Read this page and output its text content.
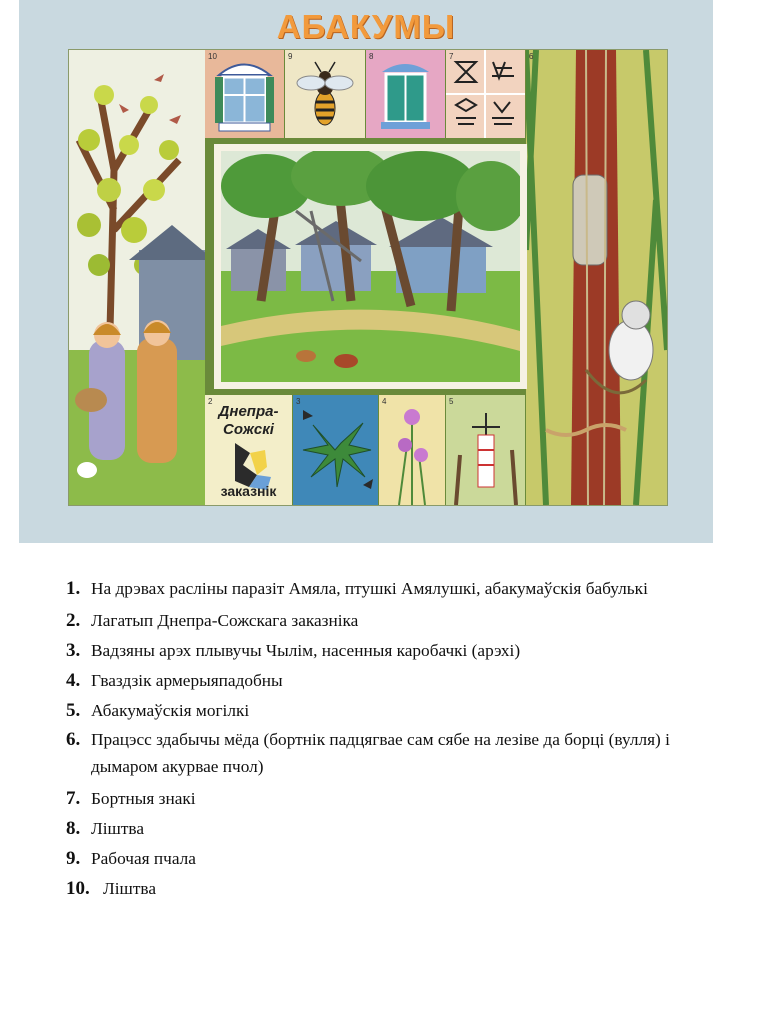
АБАКУМЫ
10	9	8	7	6
2
Днепра-
Сожскі
заказнік
3	4	5
1. На дрэвах расліны паразіт Амяла, птушкі Амялушкі, абакумаўскія бабулькі
2. Лагатып Днепра-Сожскага заказніка
3. Вадзяны арэх плывучы Чылім, насенныя каробачкі (арэхі)
4. Гваздзік армерыяпадобны
5. Абакумаўскія могілкі
6. Працэсс здабычы мёда (бортнік падцягвае сам сябе на лезіве да борці (вулля) і дымаром акурвае пчол)
7. Бортныя знакі
8. Ліштва
9. Рабочая пчала
10. Ліштва
